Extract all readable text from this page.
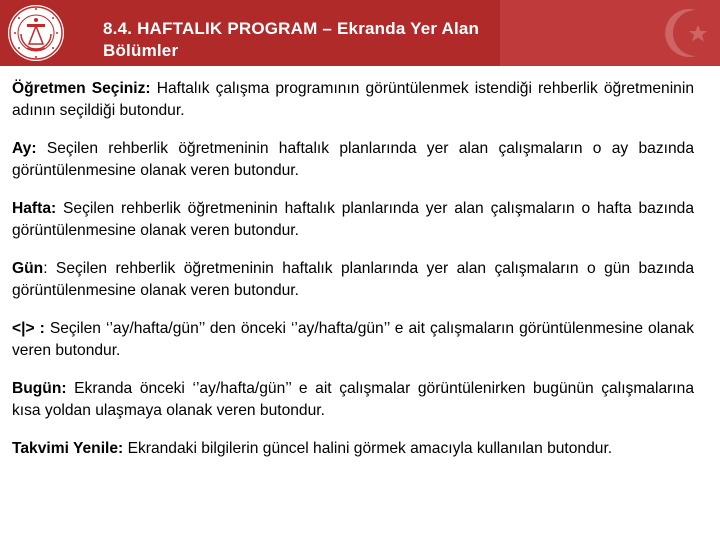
8.4. HAFTALIK PROGRAM – Ekranda Yer Alan
Bölümler

Öğretmen Seçiniz: Haftalık çalışma programının görüntülenmek istendiği rehberlik öğretmeninin adının seçildiği butondur.

Ay: Seçilen rehberlik öğretmeninin haftalık planlarında yer alan çalışmaların o ay bazında görüntülenmesine olanak veren butondur.

Hafta: Seçilen rehberlik öğretmeninin haftalık planlarında yer alan çalışmaların o hafta bazında görüntülenmesine olanak veren butondur.

Gün: Seçilen rehberlik öğretmeninin haftalık planlarında yer alan çalışmaların o gün bazında görüntülenmesine olanak veren butondur.

<|> : Seçilen ‘’ay/hafta/gün’’ den önceki ‘’ay/hafta/gün’’ e ait çalışmaların görüntülenmesine olanak veren butondur.

Bugün: Ekranda önceki ‘’ay/hafta/gün’’ e ait çalışmalar görüntülenirken bugünün çalışmalarına kısa yoldan ulaşmaya olanak veren butondur.

Takvimi Yenile: Ekrandaki bilgilerin güncel halini görmek amacıyla kullanılan butondur.
